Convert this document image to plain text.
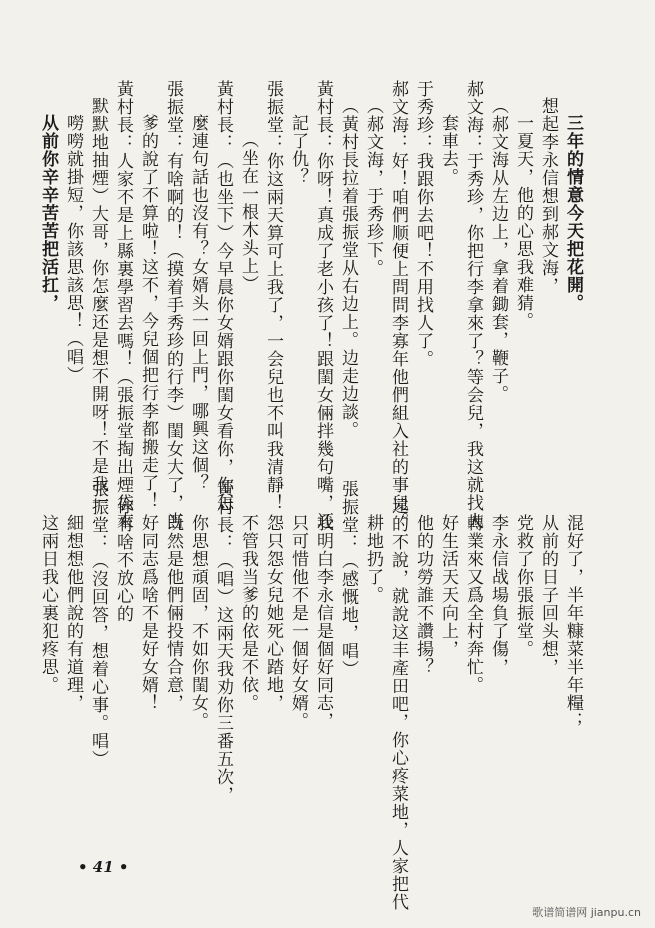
三年的情意今天把花開。
想起李永信想到郝文海，
一夏天，他的心思我难猜。
（郝文海从左边上，拿着鋤套，鞭子。
郝文海：于秀珍，你把行李拿來了？等会兒，我这就找人
套車去。
于秀珍：我跟你去吧！不用找人了。
郝文海：好！咱們顺便上問問李寡年他們組入社的事兒。
（郝文海，于秀珍下。
（黃村長拉着張振堂从右边上。边走边談。
黃村長：你呀！真成了老小孩了！跟閨女倆拌幾句嘴，还
記了仇？
張振堂：你这兩天算可上我了，一会兒也不叫我清靜！
（坐在一根木头上）
黃村長：（也坐下）今早晨你女婿跟你閨女看你，你怎
麼連句話也沒有？女婿头一回上門，哪興这個？
張振堂：有啥啊的！（摸着手秀珍的行李）閨女大了，当
爹的說了不算啦！这不，今兒個把行李都搬走了！
黃村長：人家不是上縣裏學習去嗎！（張振堂掏出煙袋來
默默地抽煙）大哥，你怎麼还是想不開呀！不是我一
嘮嘮就掛短，你該思該思！（唱）
从前你辛辛苦苦把活扛，
混好了，半年糠菜半年糧；
从前的日子回头想，
党救了你張振堂。
李永信战場負了傷，
轉業來又爲全村奔忙。
好生活天天向上，
他的功勞誰不讚揚？
遠的不說，就說这丰產田吧，你心疼菜地，人家把代
耕地扔了。
張振堂：（感慨地，唱）
我明白李永信是個好同志，
只可惜他不是一個好女婿。
怨只怨女兒她死心踏地，
不管我当爹的依是不依。
黃村長：（唱）这兩天我劝你三番五次，
你思想頑固，不如你閨女。
既然是他們倆投情合意，
好同志爲啥不是好女婿！
你有啥不放心的
張振堂：（沒回答，想着心事。唱）
細想想他們說的有道理，
这兩日我心裏犯疼思。
• 41 •
歌谱简谱网 jianpu.cn
